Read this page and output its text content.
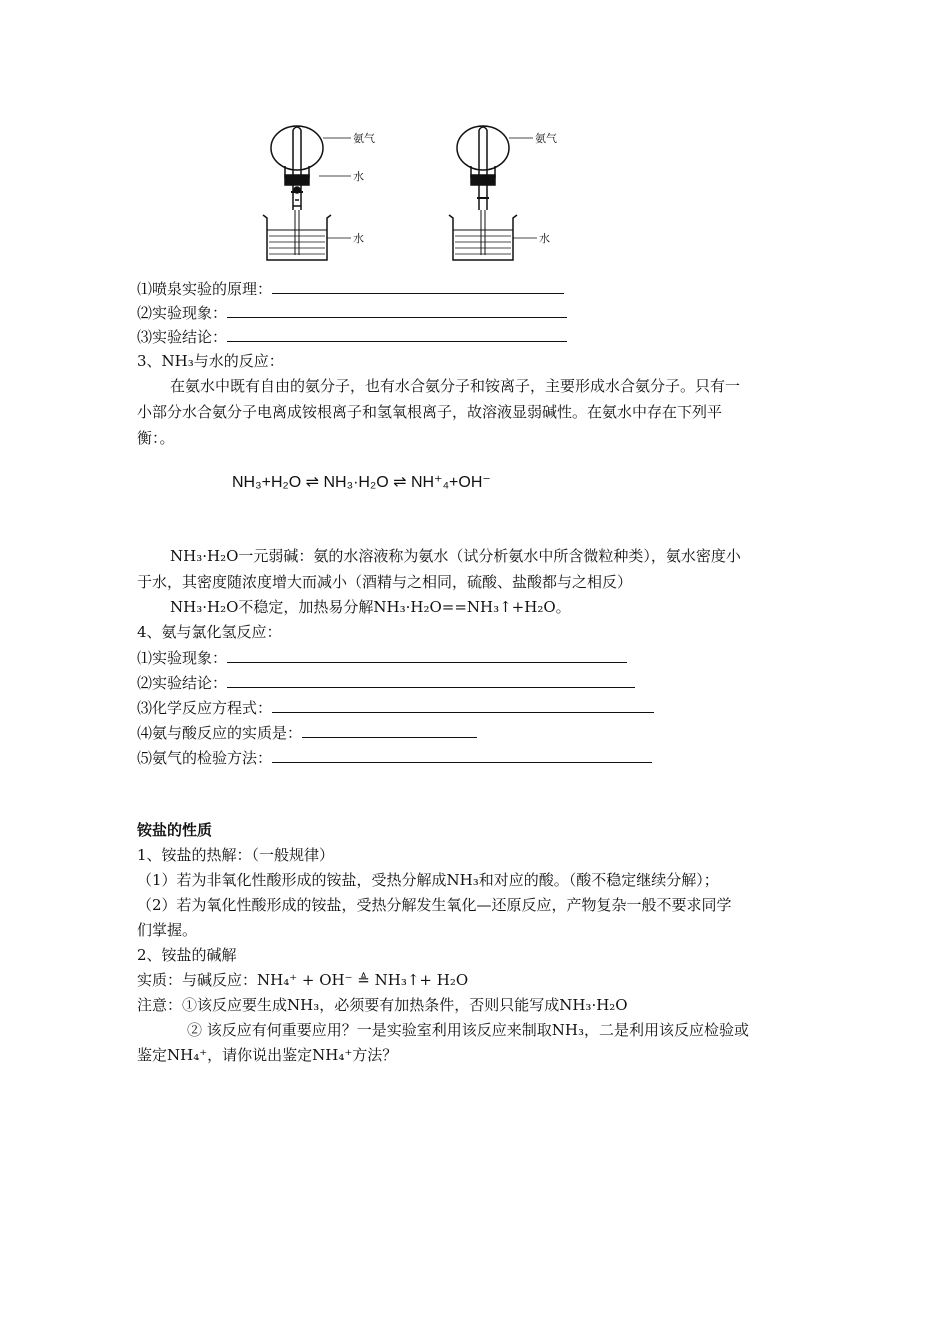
氨气
水
水
氨气
水
⑴喷泉实验的原理：
⑵实验现象：
⑶实验结论：
3、NH₃与水的反应：
在氨水中既有自由的氨分子，也有水合氨分子和铵离子，主要形成水合氨分子。只有一
小部分水合氨分子电离成铵根离子和氢氧根离子，故溶液显弱碱性。在氨水中存在下列平
衡：。
NH₃+H₂O ⇌ NH₃·H₂O ⇌ NH⁺₄+OH⁻
NH₃·H₂O一元弱碱：氨的水溶液称为氨水（试分析氨水中所含微粒种类），氨水密度小
于水，其密度随浓度增大而减小（酒精与之相同，硫酸、盐酸都与之相反）
NH₃·H₂O不稳定，加热易分解NH₃·H₂O==NH₃↑+H₂O。
4、氨与氯化氢反应：
⑴实验现象：
⑵实验结论：
⑶化学反应方程式：
⑷氨与酸反应的实质是：
⑸氨气的检验方法：
铵盐的性质
1、铵盐的热解：（一般规律）
（1）若为非氧化性酸形成的铵盐，受热分解成NH₃和对应的酸。（酸不稳定继续分解）；
（2）若为氧化性酸形成的铵盐，受热分解发生氧化—还原反应，产物复杂一般不要求同学
们掌握。
2、铵盐的碱解
实质：与碱反应：NH₄⁺ + OH⁻ ≜ NH₃↑+ H₂O
注意：①该反应要生成NH₃，必须要有加热条件，否则只能写成NH₃·H₂O
② 该反应有何重要应用？一是实验室利用该反应来制取NH₃，二是利用该反应检验或
鉴定NH₄⁺，请你说出鉴定NH₄⁺方法？
